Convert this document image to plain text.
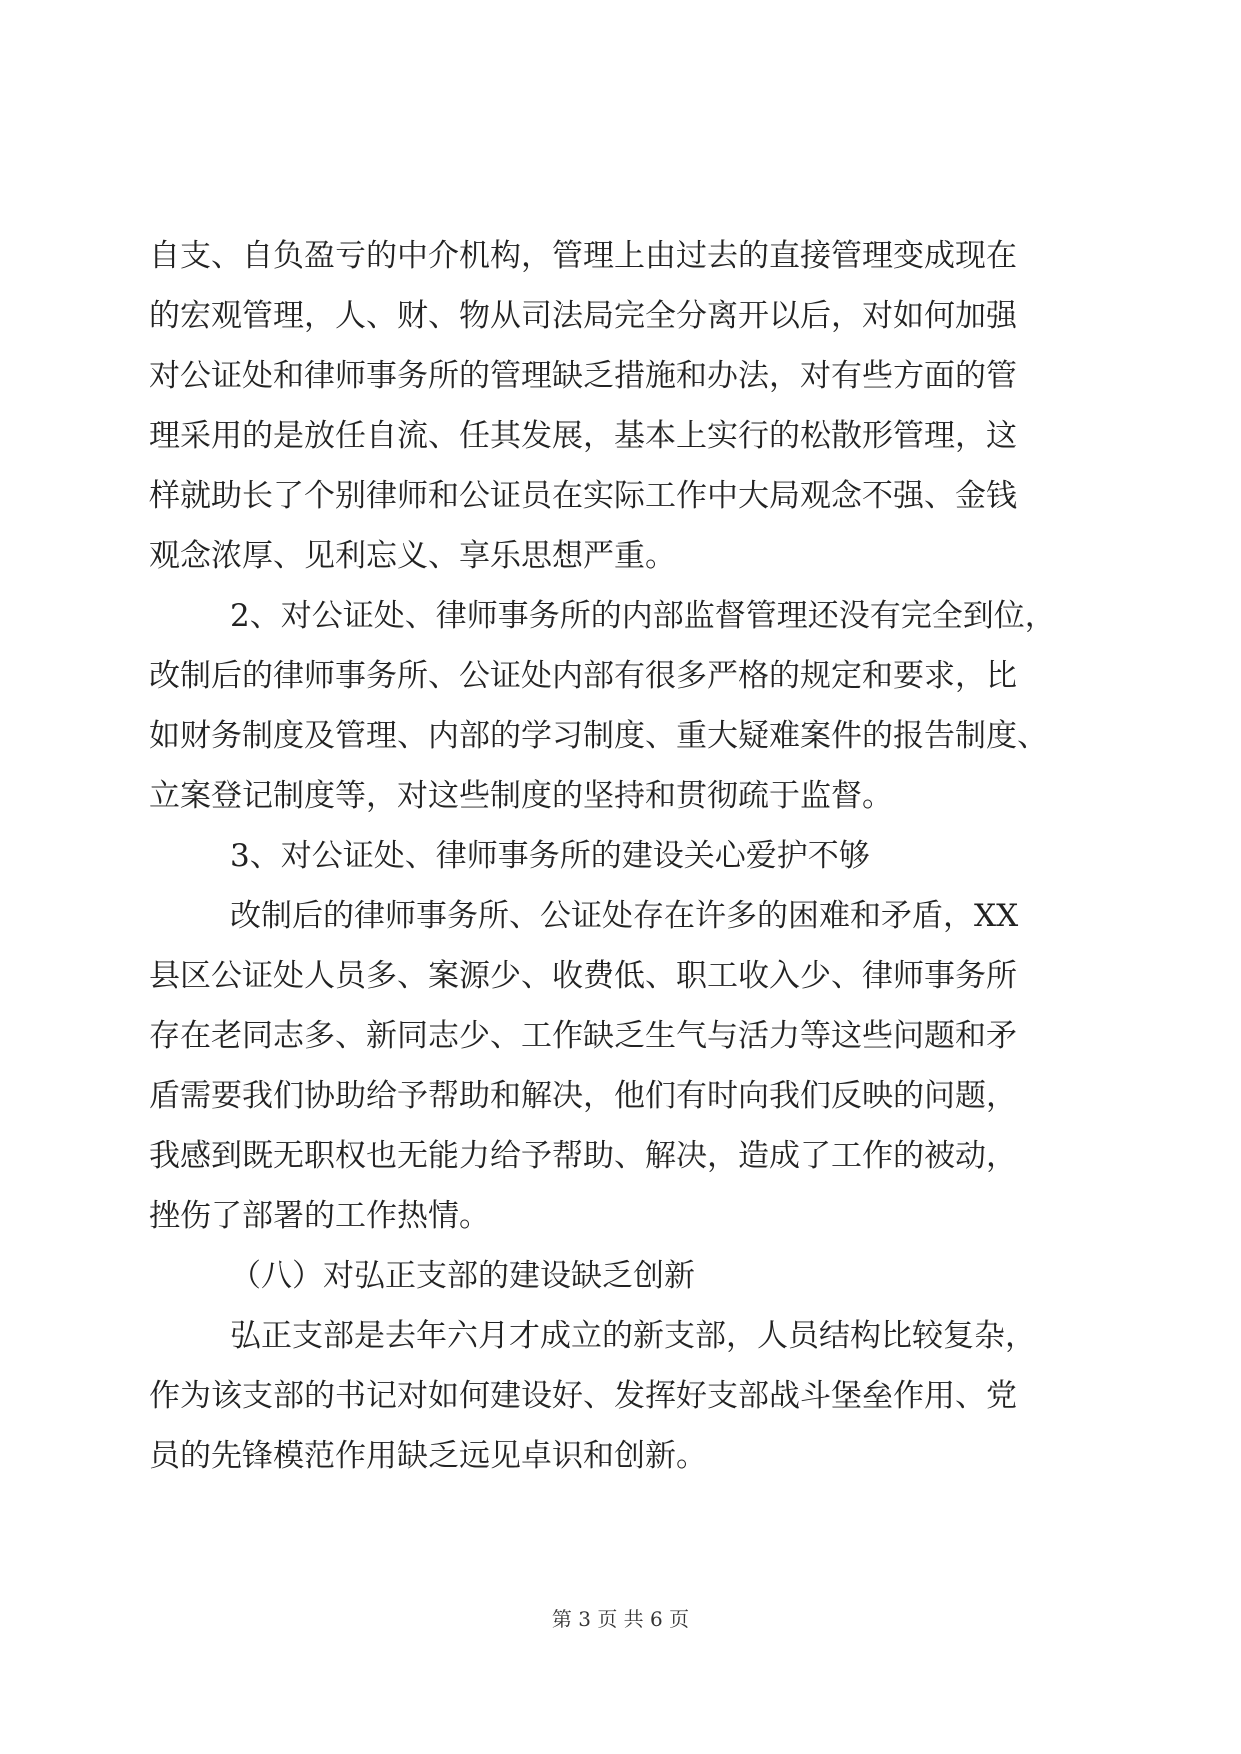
自支、自负盈亏的中介机构，管理上由过去的直接管理变成现在
的宏观管理，人、财、物从司法局完全分离开以后，对如何加强
对公证处和律师事务所的管理缺乏措施和办法，对有些方面的管
理采用的是放任自流、任其发展，基本上实行的松散形管理，这
样就助长了个别律师和公证员在实际工作中大局观念不强、金钱
观念浓厚、见利忘义、享乐思想严重。
2、对公证处、律师事务所的内部监督管理还没有完全到位，
改制后的律师事务所、公证处内部有很多严格的规定和要求，比
如财务制度及管理、内部的学习制度、重大疑难案件的报告制度、
立案登记制度等，对这些制度的坚持和贯彻疏于监督。
3、对公证处、律师事务所的建设关心爱护不够
改制后的律师事务所、公证处存在许多的困难和矛盾，XX
县区公证处人员多、案源少、收费低、职工收入少、律师事务所
存在老同志多、新同志少、工作缺乏生气与活力等这些问题和矛
盾需要我们协助给予帮助和解决，他们有时向我们反映的问题，
我感到既无职权也无能力给予帮助、解决，造成了工作的被动，
挫伤了部署的工作热情。
（八）对弘正支部的建设缺乏创新
弘正支部是去年六月才成立的新支部，人员结构比较复杂，
作为该支部的书记对如何建设好、发挥好支部战斗堡垒作用、党
员的先锋模范作用缺乏远见卓识和创新。
第 3 页 共 6 页
